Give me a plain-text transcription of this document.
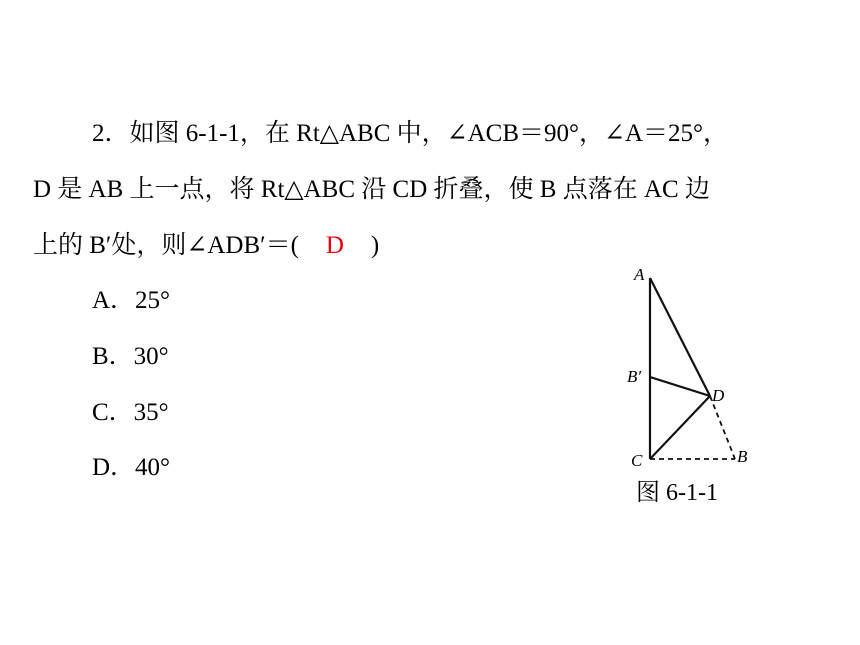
2．如图 6-1-1，在 Rt△ABC 中，∠ACB＝90°，∠A＝25°，
D 是 AB 上一点，将 Rt△ABC 沿 CD 折叠，使 B 点落在 AC 边
上的 B′处，则∠ADB′＝( D )
A．25°
B．30°
C．35°
D．40°
A
B′
D
C	B
图 6-1-1
